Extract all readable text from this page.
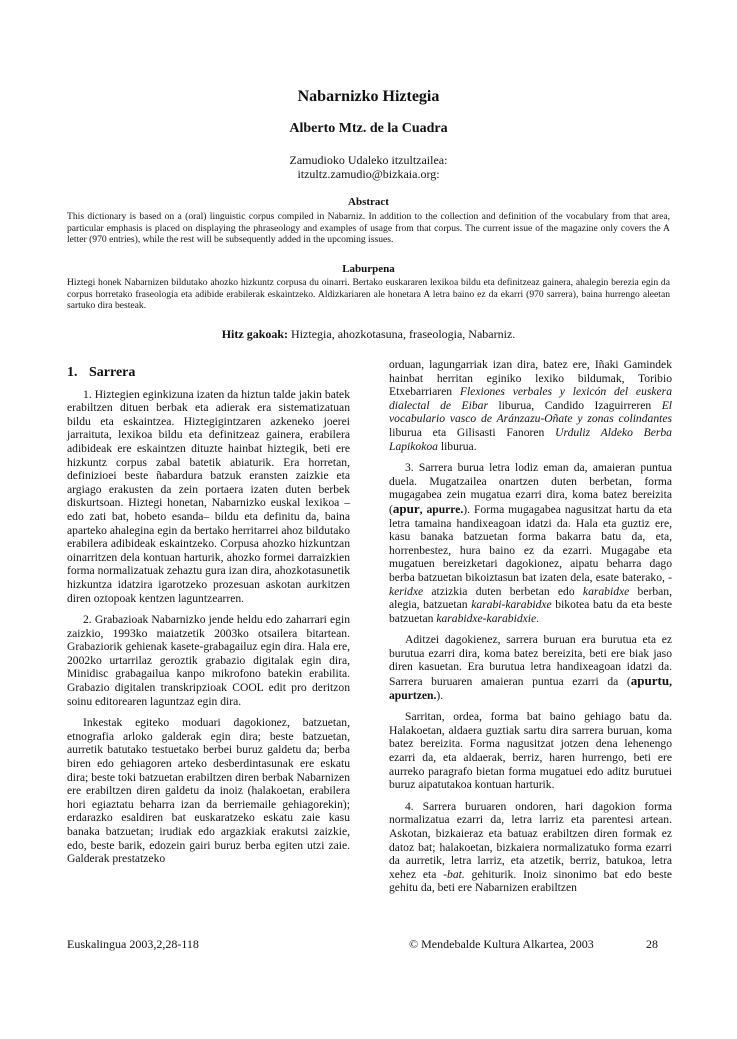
Nabarnizko Hiztegia
Alberto Mtz. de la Cuadra
Zamudioko Udaleko itzultzailea:
itzultz.zamudio@bizkaia.org:
Abstract
This dictionary is based on a (oral) linguistic corpus compiled in Nabarniz. In addition to the collection and definition of the vocabulary from that area, particular emphasis is placed on displaying the phraseology and examples of usage from that corpus. The current issue of the magazine only covers the A letter (970 entries), while the rest will be subsequently added in the upcoming issues.
Laburpena
Hiztegi honek Nabarnizen bildutako ahozko hizkuntz corpusa du oinarri. Bertako euskararen lexikoa bildu eta definitzeaz gainera, ahalegin berezia egin da corpus horretako fraseologia eta adibide erabilerak eskaintzeko. Aldizkariaren ale honetara A letra baino ez da ekarri (970 sarrera), baina hurrengo aleetan sartuko dira besteak.
Hitz gakoak: Hiztegia, ahozkotasuna, fraseologia, Nabarniz.
1. Sarrera

1. Hiztegien eginkizuna izaten da hiztun talde jakin batek erabiltzen dituen berbak eta adierak era sistematizatuan bildu eta eskaintzea. Hiztegigintzaren azkeneko joerei jarraituta, lexikoa bildu eta definitzeaz gainera, erabilera adibideak ere eskaintzen dituzte hainbat hiztegik, beti ere hizkuntz corpus zabal batetik abiaturik. Era horretan, definizioei beste ñabardura batzuk eransten zaizkie eta argiago erakusten da zein portaera izaten duten berbek diskurtsoan. Hiztegi honetan, Nabarnizko euskal lexikoa –edo zati bat, hobeto esanda– bildu eta definitu da, baina aparteko ahalegina egin da bertako herritarrei ahoz bildutako erabilera adibideak eskaintzeko. Corpusa ahozko hizkuntzan oinarritzen dela kontuan harturik, ahozko formei darraizkien forma normalizatuak zehaztu gura izan dira, ahozkotasunetik hizkuntza idatzira igarotzeko prozesuan askotan aurkitzen diren oztopoak kentzen laguntzearren.

2. Grabazioak Nabarnizko jende heldu edo zaharrari egin zaizkio, 1993ko maiatzetik 2003ko otsailera bitartean. Grabaziorik gehienak kasete-grabagailuz egin dira. Hala ere, 2002ko urtarrilaz geroztik grabazio digitalak egin dira, Minidisc grabagailua kanpo mikrofono batekin erabilita. Grabazio digitalen transkripzioak COOL edit pro deritzon soinu editorearen laguntzaz egin dira.

Inkestak egiteko moduari dagokionez, batzuetan, etnografia arloko galderak egin dira; beste batzuetan, aurretik batutako testuetako berbei buruz galdetu da; berba biren edo gehiagoren arteko desberdintasunak ere eskatu dira; beste toki batzuetan erabiltzen diren berbak Nabarnizen ere erabiltzen diren galdetu da inoiz (halakoetan, erabilera hori egiaztatu beharra izan da berriemaile gehiagorekin); erdarazko esaldiren bat euskaratzeko eskatu zaie kasu banaka batzuetan; irudiak edo argazkiak erakutsi zaizkie, edo, beste barik, edozein gairi buruz berba egiten utzi zaie. Galderak prestatzeko

orduan, lagungarriak izan dira, batez ere, Iñaki Gamindek hainbat herritan eginiko lexiko bildumak, Toribio Etxebarriaren Flexiones verbales y lexicón del euskera dialectal de Eibar liburua, Candido Izaguirreren El vocabulario vasco de Aránzazu-Oñate y zonas colindantes liburua eta Gilisasti Fanoren Urduliz Aldeko Berba Lapikokoa liburua.

3. Sarrera burua letra lodiz eman da, amaieran puntua duela. Mugatzailea onartzen duten berbetan, forma mugagabea zein mugatua ezarri dira, koma batez bereizita (apur, apurre.). Forma mugagabea nagusitzat hartu da eta letra tamaina handixeagoan idatzi da. Hala eta guztiz ere, kasu banaka batzuetan forma bakarra batu da, eta, horrenbestez, hura baino ez da ezarri. Mugagabe eta mugatuen bereizketari dagokionez, aipatu beharra dago berba batzuetan bikoiztasun bat izaten dela, esate baterako, -keridxe atzizkia duten berbetan edo karabidxe berban, alegia, batzuetan karabi-karabidxe bikotea batu da eta beste batzuetan karabidxe-karabidxie.

Aditzei dagokienez, sarrera buruan era burutua eta ez burutua ezarri dira, koma batez bereizita, beti ere biak jaso diren kasuetan. Era burutua letra handixeagoan idatzi da. Sarrera buruaren amaieran puntua ezarri da (apurtu, apurtzen.).

Sarritan, ordea, forma bat baino gehiago batu da. Halakoetan, aldaera guztiak sartu dira sarrera buruan, koma batez bereizita. Forma nagusitzat jotzen dena lehenengo ezarri da, eta aldaerak, berriz, haren hurrengo, beti ere aurreko paragrafo bietan forma mugatuei edo aditz burutuei buruz aipatutakoa kontuan harturik.

4. Sarrera buruaren ondoren, hari dagokion forma normalizatua ezarri da, letra larriz eta parentesi artean. Askotan, bizkaieraz eta batuaz erabiltzen diren formak ez datoz bat; halakoetan, bizkaiera normalizatuko forma ezarri da aurretik, letra larriz, eta atzetik, berriz, batukoa, letra xehez eta -bat. gehiturik. Inoiz sinonimo bat edo beste gehitu da, beti ere Nabarnizen erabiltzen

Euskalingua 2003,2,28-118	© Mendebalde Kultura Alkartea, 2003	28
